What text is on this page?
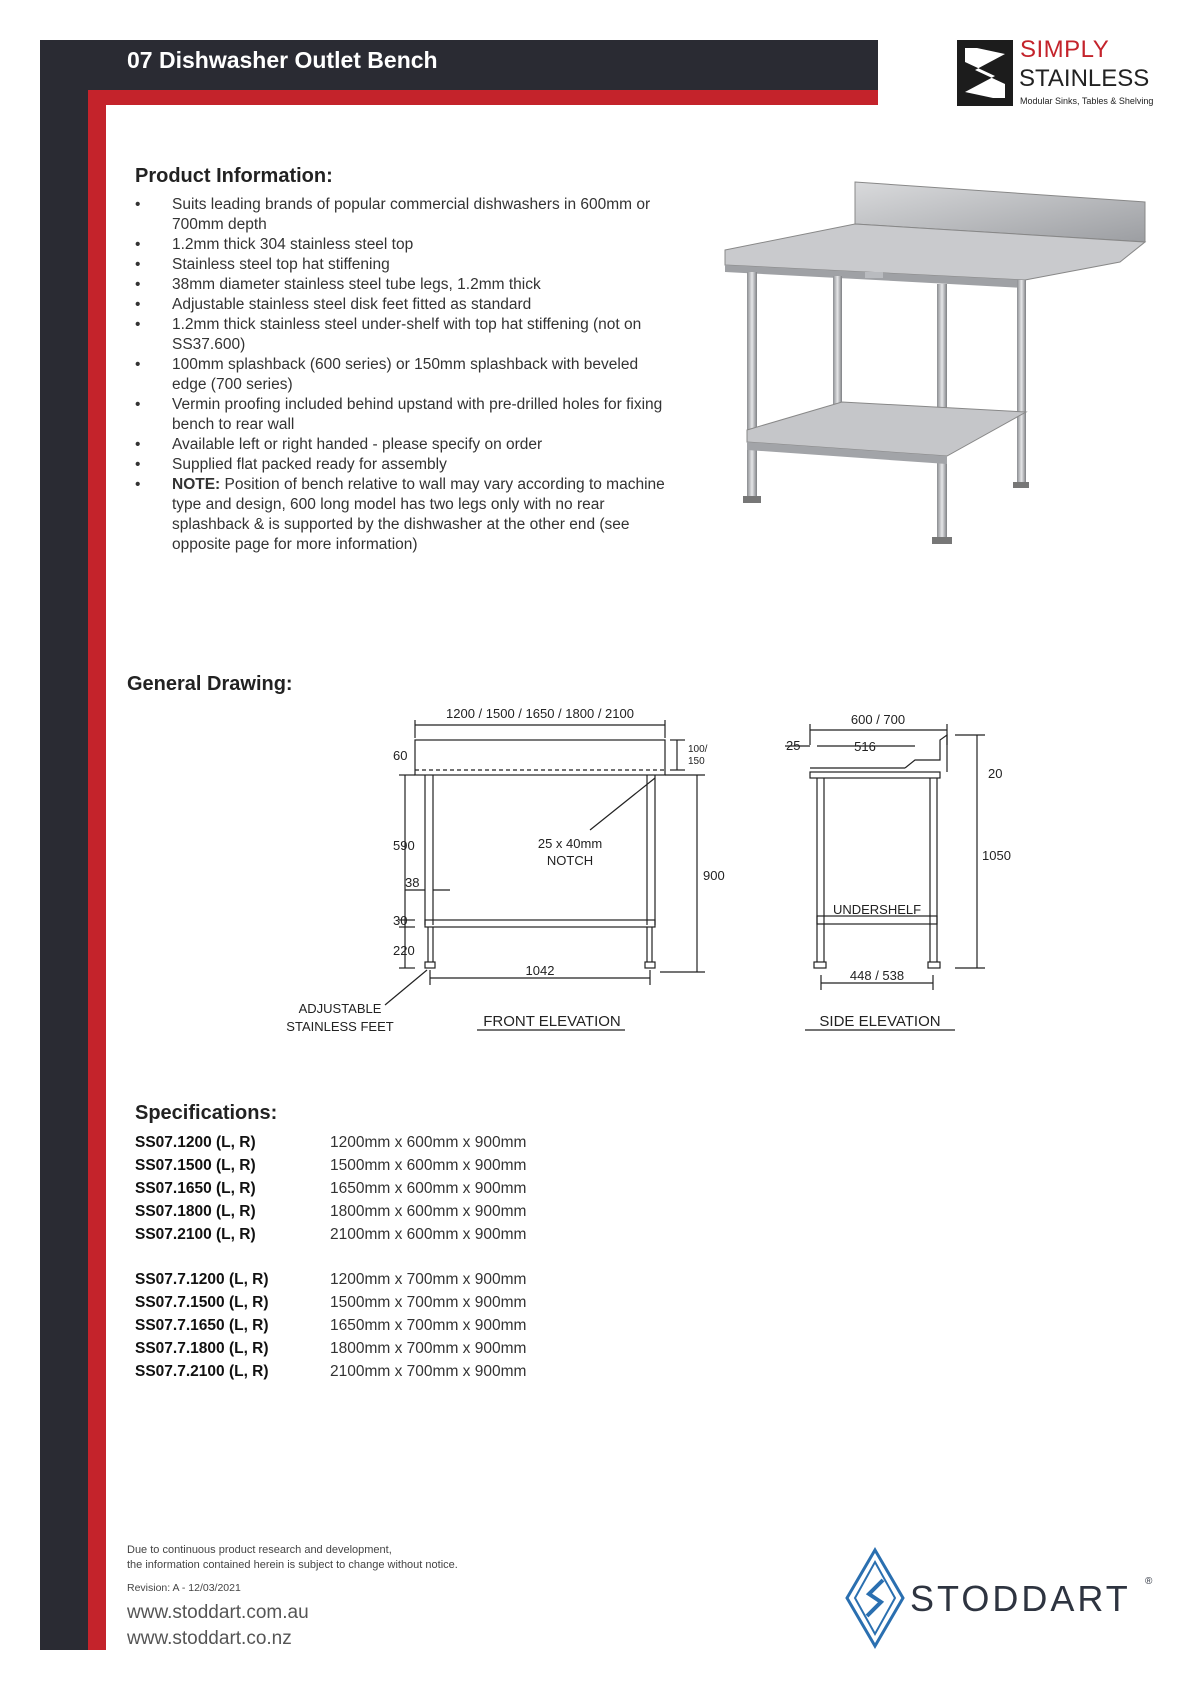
07 Dishwasher Outlet Bench	SIMPLY
STAINLESS
Modular Sinks, Tables & Shelving
Product Information:
• Suits leading brands of popular commercial dishwashers in 600mm or 700mm depth
• 1.2mm thick 304 stainless steel top
• Stainless steel top hat stiffening
• 38mm diameter stainless steel tube legs, 1.2mm thick
• Adjustable stainless steel disk feet fitted as standard
• 1.2mm thick stainless steel under-shelf with top hat stiffening (not on SS37.600)
• 100mm splashback (600 series) or 150mm splashback with beveled edge (700 series)
• Vermin proofing included behind upstand with pre-drilled holes for fixing bench to rear wall
• Available left or right handed - please specify on order
• Supplied flat packed ready for assembly
• NOTE: Position of bench relative to wall may vary according to machine type and design, 600 long model has two legs only with no rear splashback & is supported by the dishwasher at the other end (see opposite page for more information)
General Drawing:
1200 / 1500 / 1650 / 1800 / 2100
100/
150
60
590
30
220
38
25 x 40mm
NOTCH
900
1042
ADJUSTABLE
STAINLESS FEET	FRONT ELEVATION
600 / 700
25	516
20
1050
UNDERSHELF
448 / 538
SIDE ELEVATION
Specifications:
SS07.1200 (L, R)	1200mm x 600mm x 900mm
SS07.1500 (L, R)	1500mm x 600mm x 900mm
SS07.1650 (L, R)	1650mm x 600mm x 900mm
SS07.1800 (L, R)	1800mm x 600mm x 900mm
SS07.2100 (L, R)	2100mm x 600mm x 900mm
SS07.7.1200 (L, R)	1200mm x 700mm x 900mm
SS07.7.1500 (L, R)	1500mm x 700mm x 900mm
SS07.7.1650 (L, R)	1650mm x 700mm x 900mm
SS07.7.1800 (L, R)	1800mm x 700mm x 900mm
SS07.7.2100 (L, R)	2100mm x 700mm x 900mm
Due to continuous product research and development,
the information contained herein is subject to change without notice.
Revision: A - 12/03/2021
www.stoddart.com.au
www.stoddart.co.nz
STODDART ®
